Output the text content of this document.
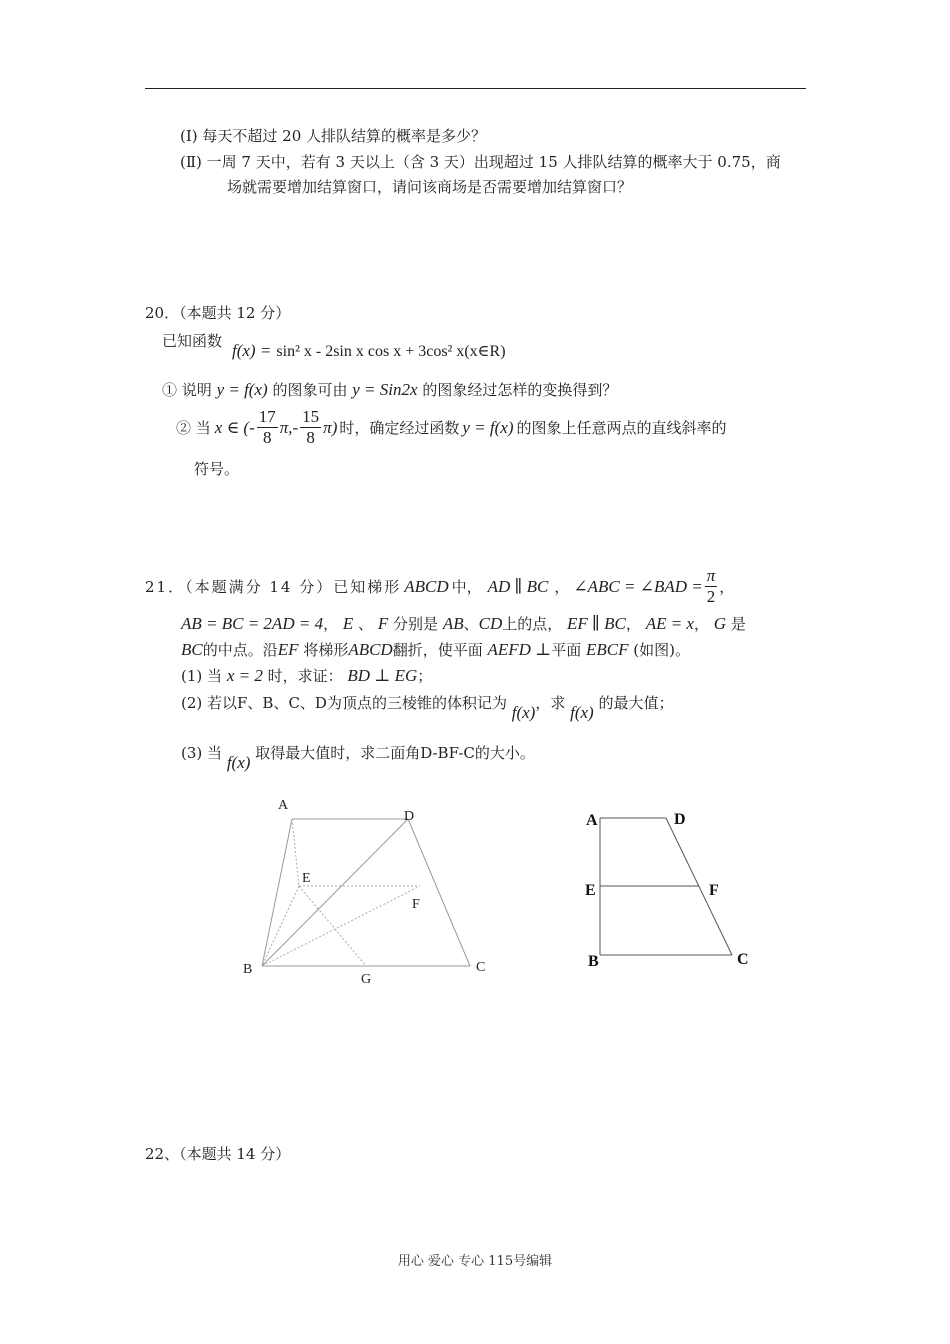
(Ⅰ) 每天不超过 20 人排队结算的概率是多少？
(Ⅱ) 一周 7 天中，若有 3 天以上（含 3 天）出现超过 15 人排队结算的概率大于 0.75，商
场就需要增加结算窗口，请问该商场是否需要增加结算窗口？
20．（本题共 12 分）
已知函数 f(x) = sin² x - 2sin x cos x + 3cos² x(x∈R)
① 说明 y = f(x) 的图象可由 y = Sin2x 的图象经过怎样的变换得到？
② 当 x ∈ (- $\frac{17}{8} \pi,- \frac{15}{8} \pi$) 时，确定经过函数 y = f(x) 的图象上任意两点的直线斜率的
符号。
21．（本题满分 14 分）已知梯形 ABCD 中， AD ∥ BC ， ∠ABC = ∠BAD = $\frac{\pi}{2}$ ，
AB = BC = 2AD = 4， E 、 F 分别是 AB、CD上的点， EF ∥ BC， AE = x， G 是
BC的中点。沿EF 将梯形ABCD翻折，使平面 AEFD ⊥平面 EBCF (如图)。
(1) 当 x = 2 时，求证： BD ⊥ EG；
(2) 若以F、B、C、D为顶点的三棱锥的体积记为 f(x)，求 f(x) 的最大值；
(3) 当 f(x) 取得最大值时，求二面角D-BF-C的大小。
A
D
E
F
B
G
C
A	D
E	F
B	C
22、（本题共 14 分）
用心 爱心 专心 115号编辑
